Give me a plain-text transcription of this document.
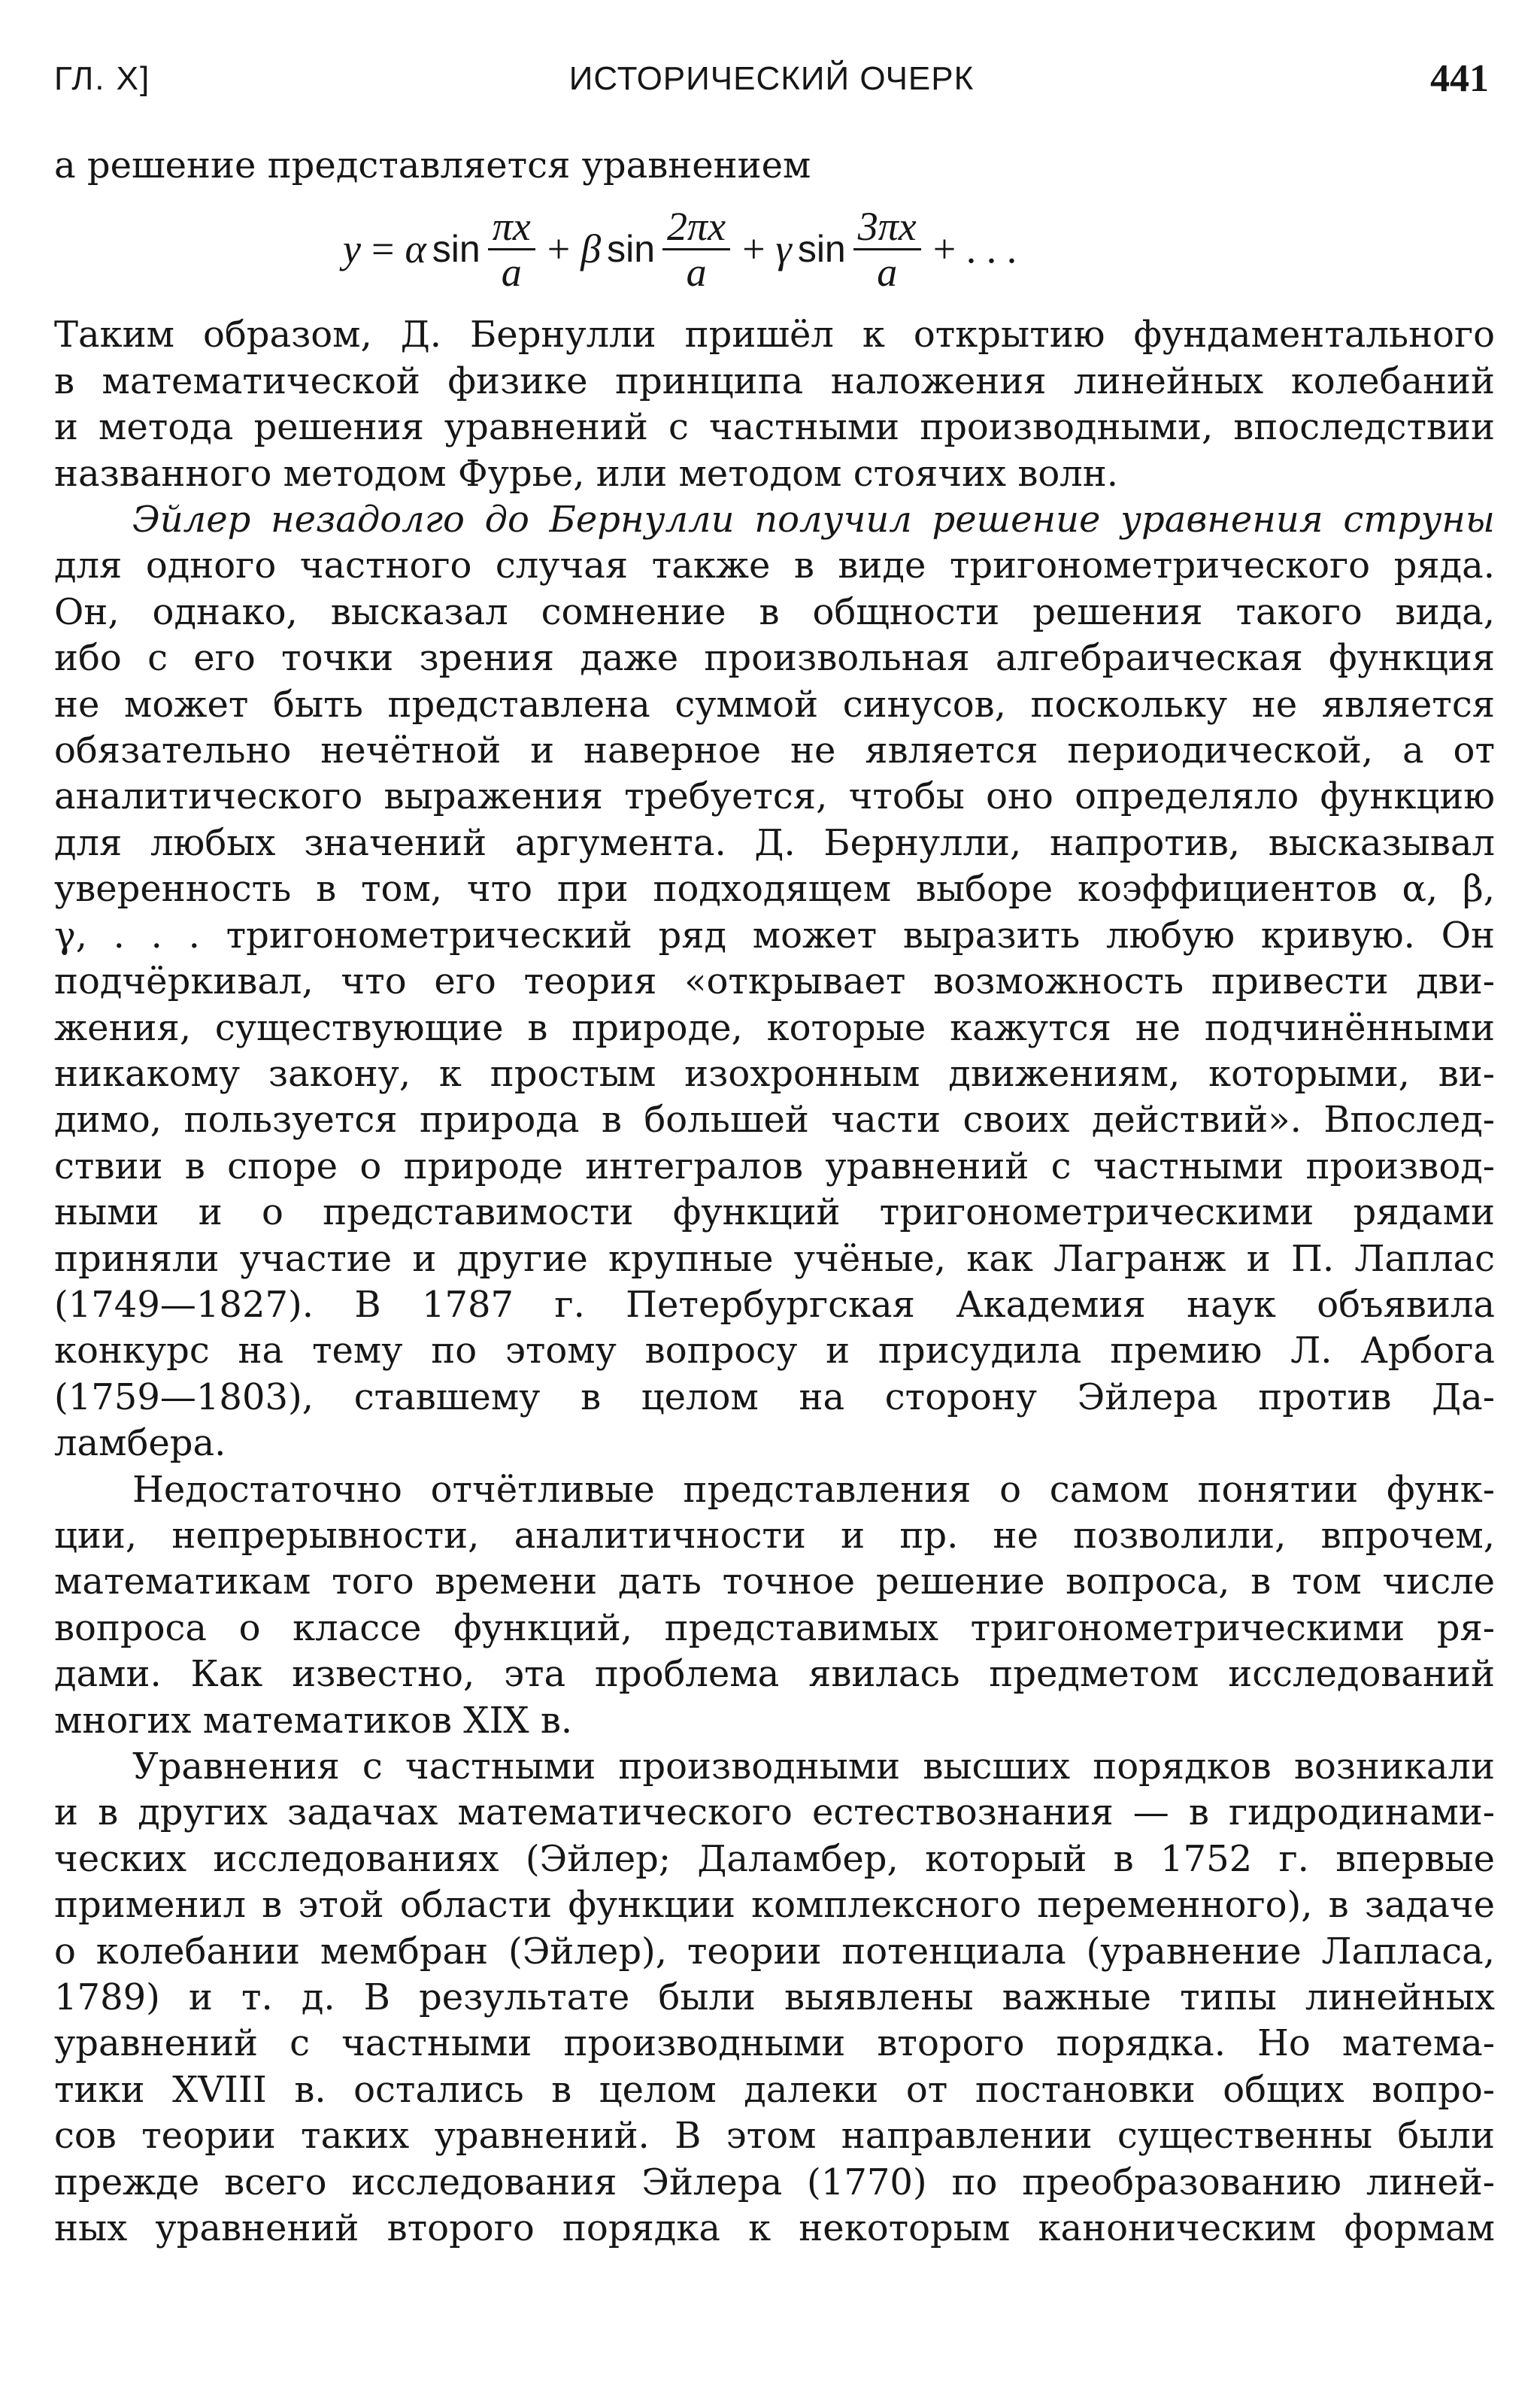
ГЛ. X]	ИСТОРИЧЕСКИЙ ОЧЕРК	441
а решение представляется уравнением
y = α $\sin \frac{\pi x}{a} + \beta$ $\sin \frac{2\pi x}{a} + \gamma$ $\sin \frac{3\pi x}{a}$ + . . .
Таким образом, Д. Бернулли пришёл к открытию фундаментального
в математической физике принципа наложения линейных колебаний
и метода решения уравнений с частными производными, впоследствии
названного методом Фурье, или методом стоячих волн.
Эйлер незадолго до Бернулли получил решение уравнения струны
для одного частного случая также в виде тригонометрического ряда.
Он, однако, высказал сомнение в общности решения такого вида,
ибо с его точки зрения даже произвольная алгебраическая функция
не может быть представлена суммой синусов, поскольку не является
обязательно нечётной и наверное не является периодической, а от
аналитического выражения требуется, чтобы оно определяло функцию
для любых значений аргумента. Д. Бернулли, напротив, высказывал
уверенность в том, что при подходящем выборе коэффициентов α, β,
γ, . . . тригонометрический ряд может выразить любую кривую. Он
подчёркивал, что его теория «открывает возможность привести дви-
жения, существующие в природе, которые кажутся не подчинёнными
никакому закону, к простым изохронным движениям, которыми, ви-
димо, пользуется природа в большей части своих действий». Впослед-
ствии в споре о природе интегралов уравнений с частными производ-
ными и о представимости функций тригонометрическими рядами
приняли участие и другие крупные учёные, как Лагранж и П. Лаплас
(1749—1827). В 1787 г. Петербургская Академия наук объявила
конкурс на тему по этому вопросу и присудила премию Л. Арбога
(1759—1803), ставшему в целом на сторону Эйлера против Да-
ламбера.
Недостаточно отчётливые представления о самом понятии функ-
ции, непрерывности, аналитичности и пр. не позволили, впрочем,
математикам того времени дать точное решение вопроса, в том числе
вопроса о классе функций, представимых тригонометрическими ря-
дами. Как известно, эта проблема явилась предметом исследований
многих математиков XIX в.
Уравнения с частными производными высших порядков возникали
и в других задачах математического естествознания — в гидродинами-
ческих исследованиях (Эйлер; Даламбер, который в 1752 г. впервые
применил в этой области функции комплексного переменного), в задаче
о колебании мембран (Эйлер), теории потенциала (уравнение Лапласа,
1789) и т. д. В результате были выявлены важные типы линейных
уравнений с частными производными второго порядка. Но матема-
тики XVIII в. остались в целом далеки от постановки общих вопро-
сов теории таких уравнений. В этом направлении существенны были
прежде всего исследования Эйлера (1770) по преобразованию линей-
ных уравнений второго порядка к некоторым каноническим формам
